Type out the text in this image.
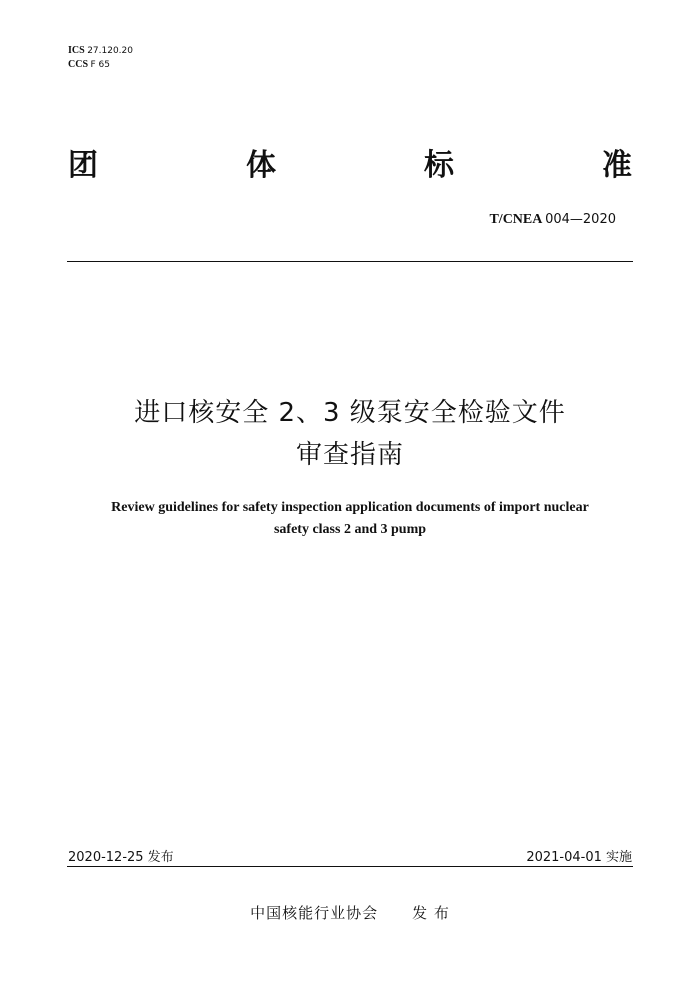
ICS 27.120.20
CCS F 65
团	体	标	准
T/CNEA 004—2020
进口核安全 2、3 级泵安全检验文件
审查指南
Review guidelines for safety inspection application documents of import nuclear
safety class 2 and 3 pump
2020-12-25 发布	2021-04-01 实施
中国核能行业协会 发 布
